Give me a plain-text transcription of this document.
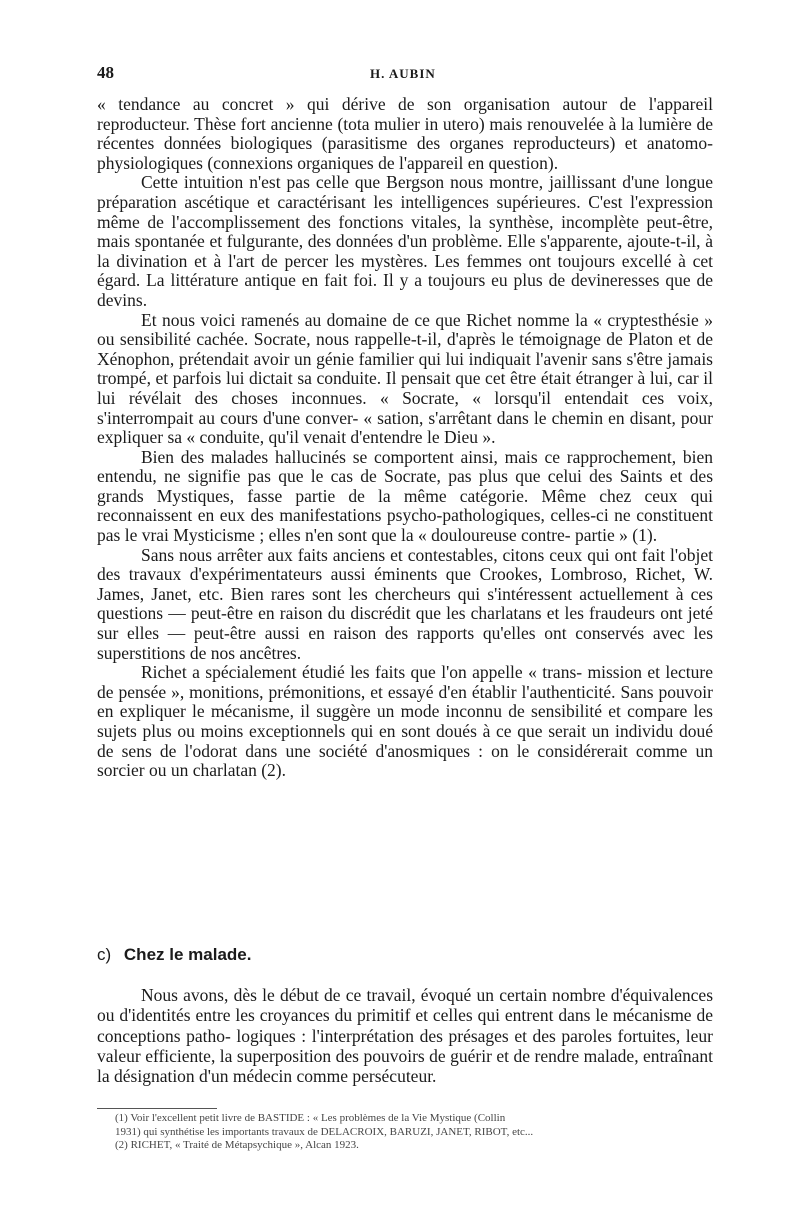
48	H. AUBIN

« tendance au concret » qui dérive de son organisation autour de l'appareil reproducteur. Thèse fort ancienne (tota mulier in utero) mais renouvelée à la lumière de récentes données biologiques (parasitisme des organes reproducteurs) et anatomo-physiologiques (connexions organiques de l'appareil en question).

Cette intuition n'est pas celle que Bergson nous montre, jaillissant d'une longue préparation ascétique et caractérisant les intelligences supérieures. C'est l'expression même de l'accomplissement des fonctions vitales, la synthèse, incomplète peut-être, mais spontanée et fulgurante, des données d'un problème. Elle s'apparente, ajoute-t-il, à la divination et à l'art de percer les mystères. Les femmes ont toujours excellé à cet égard. La littérature antique en fait foi. Il y a toujours eu plus de devineresses que de devins.

Et nous voici ramenés au domaine de ce que Richet nomme la « cryptesthésie » ou sensibilité cachée. Socrate, nous rappelle-t-il, d'après le témoignage de Platon et de Xénophon, prétendait avoir un génie familier qui lui indiquait l'avenir sans s'être jamais trompé, et parfois lui dictait sa conduite. Il pensait que cet être était étranger à lui, car il lui révélait des choses inconnues. « Socrate, « lorsqu'il entendait ces voix, s'interrompait au cours d'une conver- « sation, s'arrêtant dans le chemin en disant, pour expliquer sa « conduite, qu'il venait d'entendre le Dieu ».

Bien des malades hallucinés se comportent ainsi, mais ce rapprochement, bien entendu, ne signifie pas que le cas de Socrate, pas plus que celui des Saints et des grands Mystiques, fasse partie de la même catégorie. Même chez ceux qui reconnaissent en eux des manifestations psycho-pathologiques, celles-ci ne constituent pas le vrai Mysticisme ; elles n'en sont que la « douloureuse contre- partie » (1).

Sans nous arrêter aux faits anciens et contestables, citons ceux qui ont fait l'objet des travaux d'expérimentateurs aussi éminents que Crookes, Lombroso, Richet, W. James, Janet, etc. Bien rares sont les chercheurs qui s'intéressent actuellement à ces questions — peut-être en raison du discrédit que les charlatans et les fraudeurs ont jeté sur elles — peut-être aussi en raison des rapports qu'elles ont conservés avec les superstitions de nos ancêtres.

Richet a spécialement étudié les faits que l'on appelle « trans- mission et lecture de pensée », monitions, prémonitions, et essayé d'en établir l'authenticité. Sans pouvoir en expliquer le mécanisme, il suggère un mode inconnu de sensibilité et compare les sujets plus ou moins exceptionnels qui en sont doués à ce que serait un individu doué de sens de l'odorat dans une société d'anosmiques : on le considérerait comme un sorcier ou un charlatan (2).

c) Chez le malade.

Nous avons, dès le début de ce travail, évoqué un certain nombre d'équivalences ou d'identités entre les croyances du primitif et celles qui entrent dans le mécanisme de conceptions patho- logiques : l'interprétation des présages et des paroles fortuites, leur valeur efficiente, la superposition des pouvoirs de guérir et de rendre malade, entraînant la désignation d'un médecin comme persécuteur.

(1) Voir l'excellent petit livre de BASTIDE : « Les problèmes de la Vie Mystique (Collin
1931) qui synthétise les importants travaux de DELACROIX, BARUZI, JANET, RIBOT, etc...
(2) RICHET, « Traité de Métapsychique », Alcan 1923.
